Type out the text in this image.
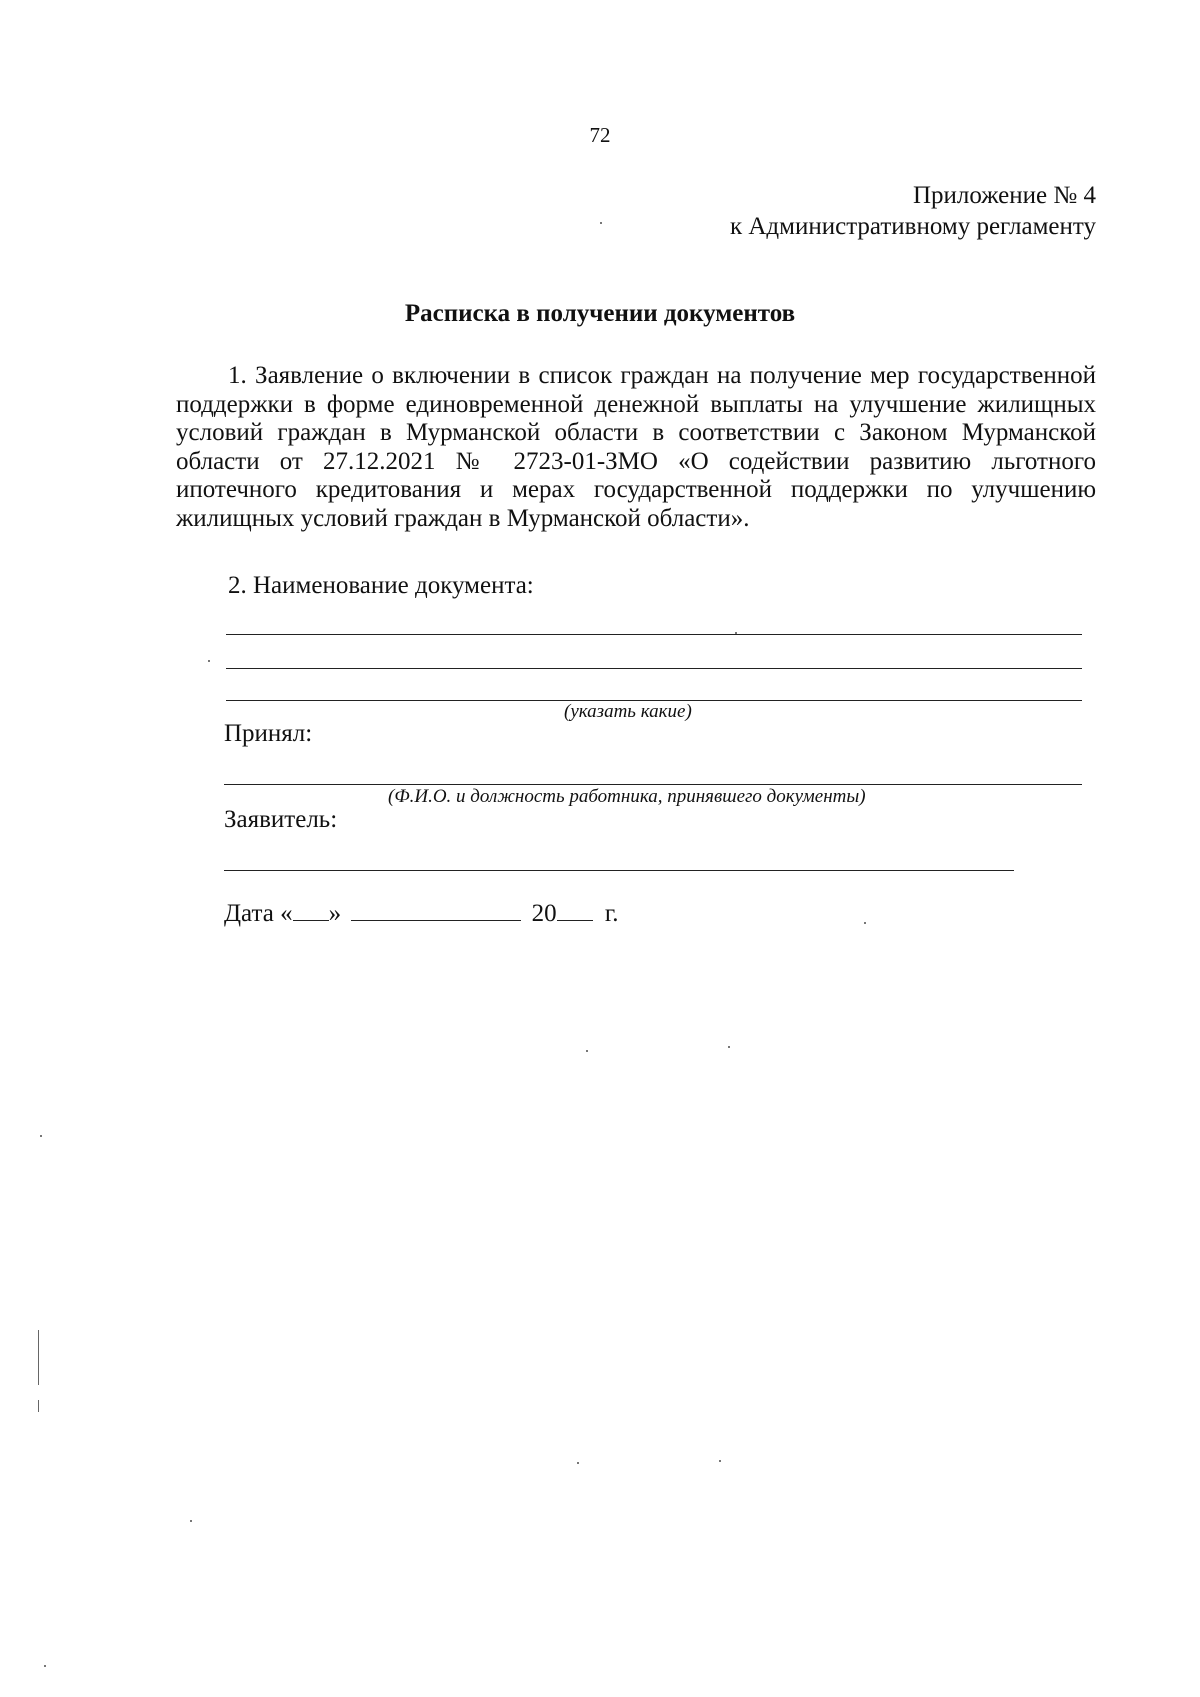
72
Приложение № 4
к Административному регламенту
Расписка в получении документов

1. Заявление о включении в список граждан на получение мер государственной поддержки в форме единовременной денежной выплаты на улучшение жилищных условий граждан в Мурманской области в соответствии с Законом Мурманской области от 27.12.2021 № 2723-01-ЗМО «О содействии развитию льготного ипотечного кредитования и мерах государственной поддержки по улучшению жилищных условий граждан в Мурманской области».

2. Наименование документа:
(указать какие)
Принял:
(Ф.И.О. и должность работника, принявшего документы)
Заявитель:
Дата « »	20 г.
